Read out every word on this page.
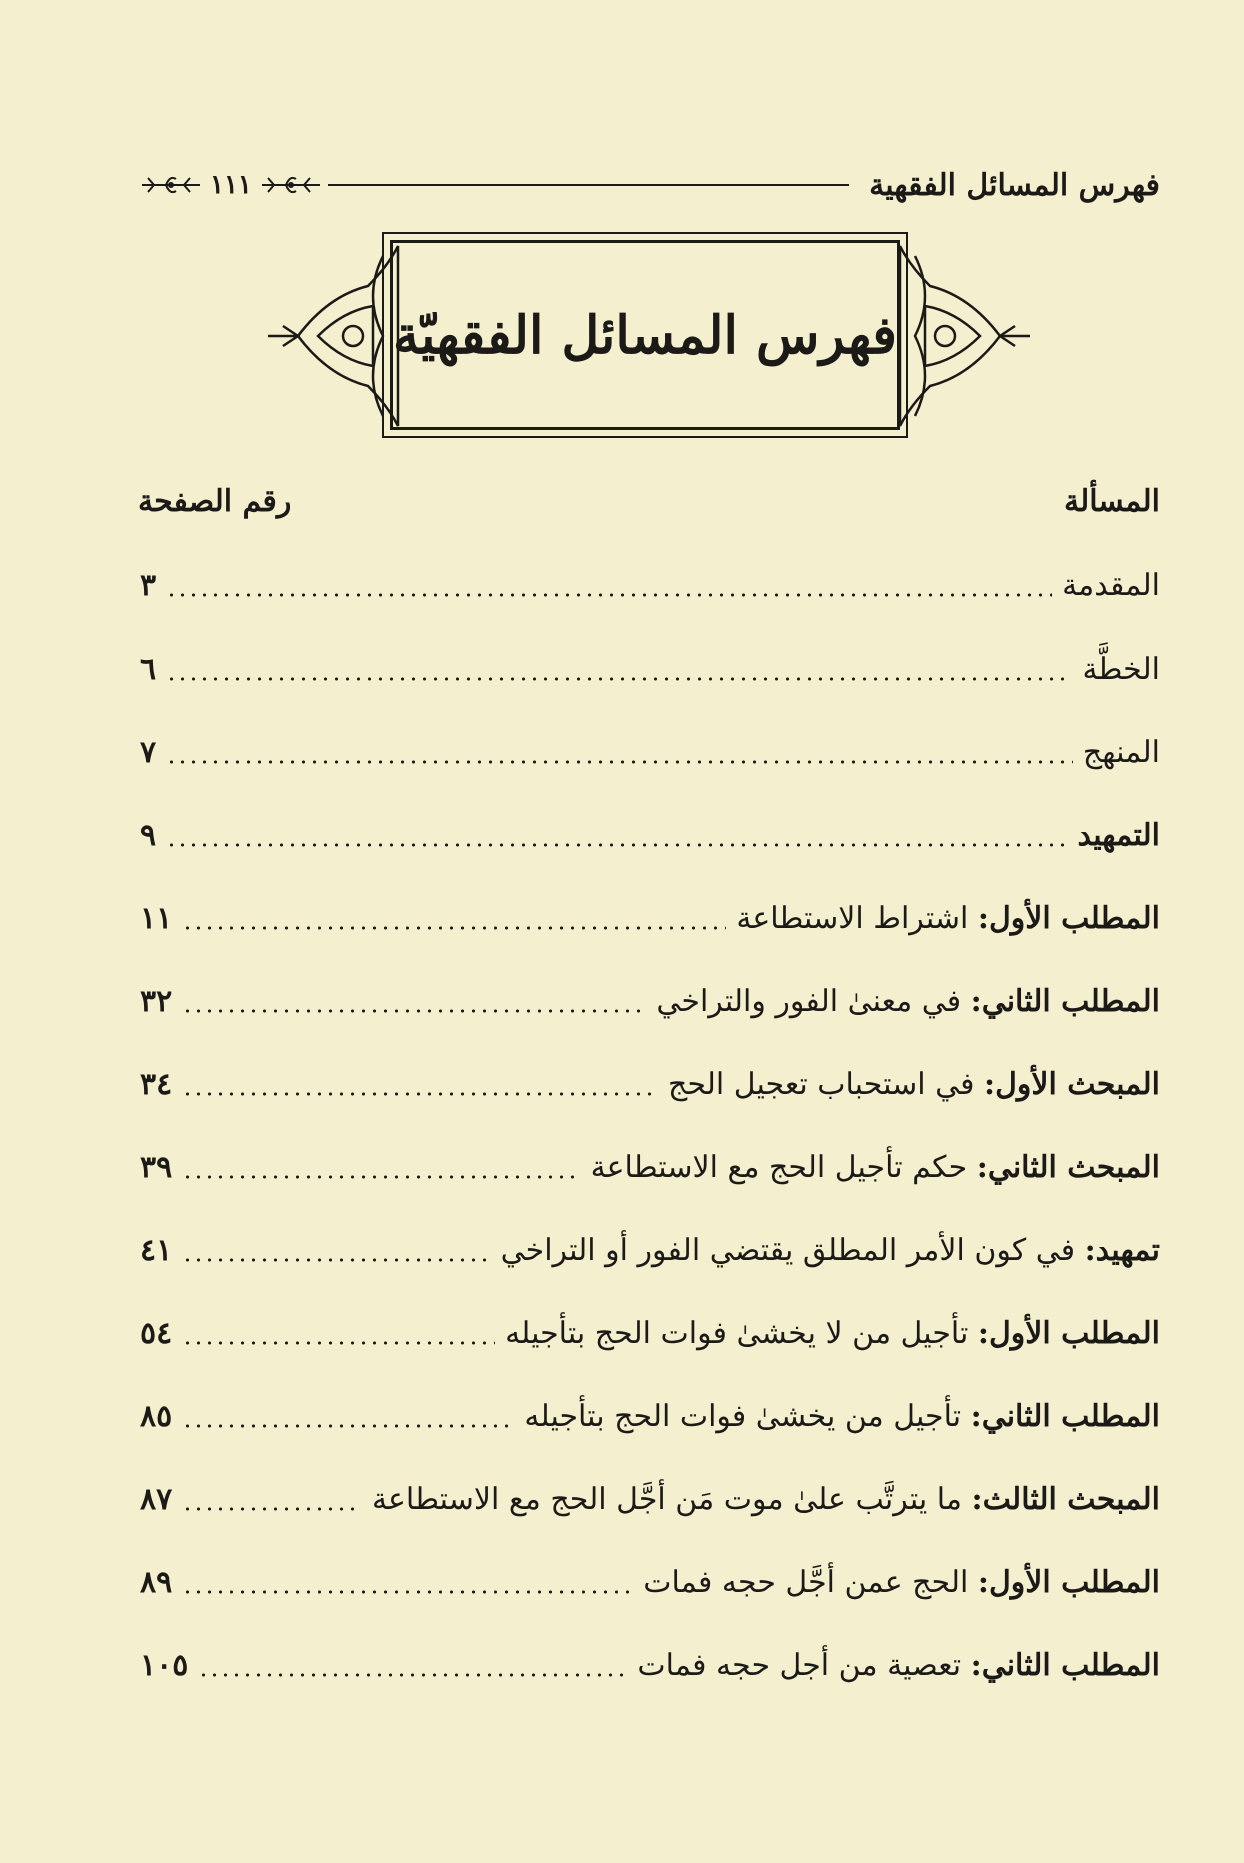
فهرس المسائل الفقهية
١١١
فهرس المسائل الفقهيّة
المسألة
رقم الصفحة
المقدمة
٣
الخطَّة
٦
المنهج
٧
التمهيد
٩
المطلب الأول: اشتراط الاستطاعة
١١
المطلب الثاني: في معنىٰ الفور والتراخي
٣٢
المبحث الأول: في استحباب تعجيل الحج
٣٤
المبحث الثاني: حكم تأجيل الحج مع الاستطاعة
٣٩
تمهيد: في كون الأمر المطلق يقتضي الفور أو التراخي
٤١
المطلب الأول: تأجيل من لا يخشىٰ فوات الحج بتأجيله
٥٤
المطلب الثاني: تأجيل من يخشىٰ فوات الحج بتأجيله
٨٥
المبحث الثالث: ما يترتَّب علىٰ موت مَن أجَّل الحج مع الاستطاعة
٨٧
المطلب الأول: الحج عمن أجَّل حجه فمات
٨٩
المطلب الثاني: تعصية من أجل حجه فمات
١٠٥
